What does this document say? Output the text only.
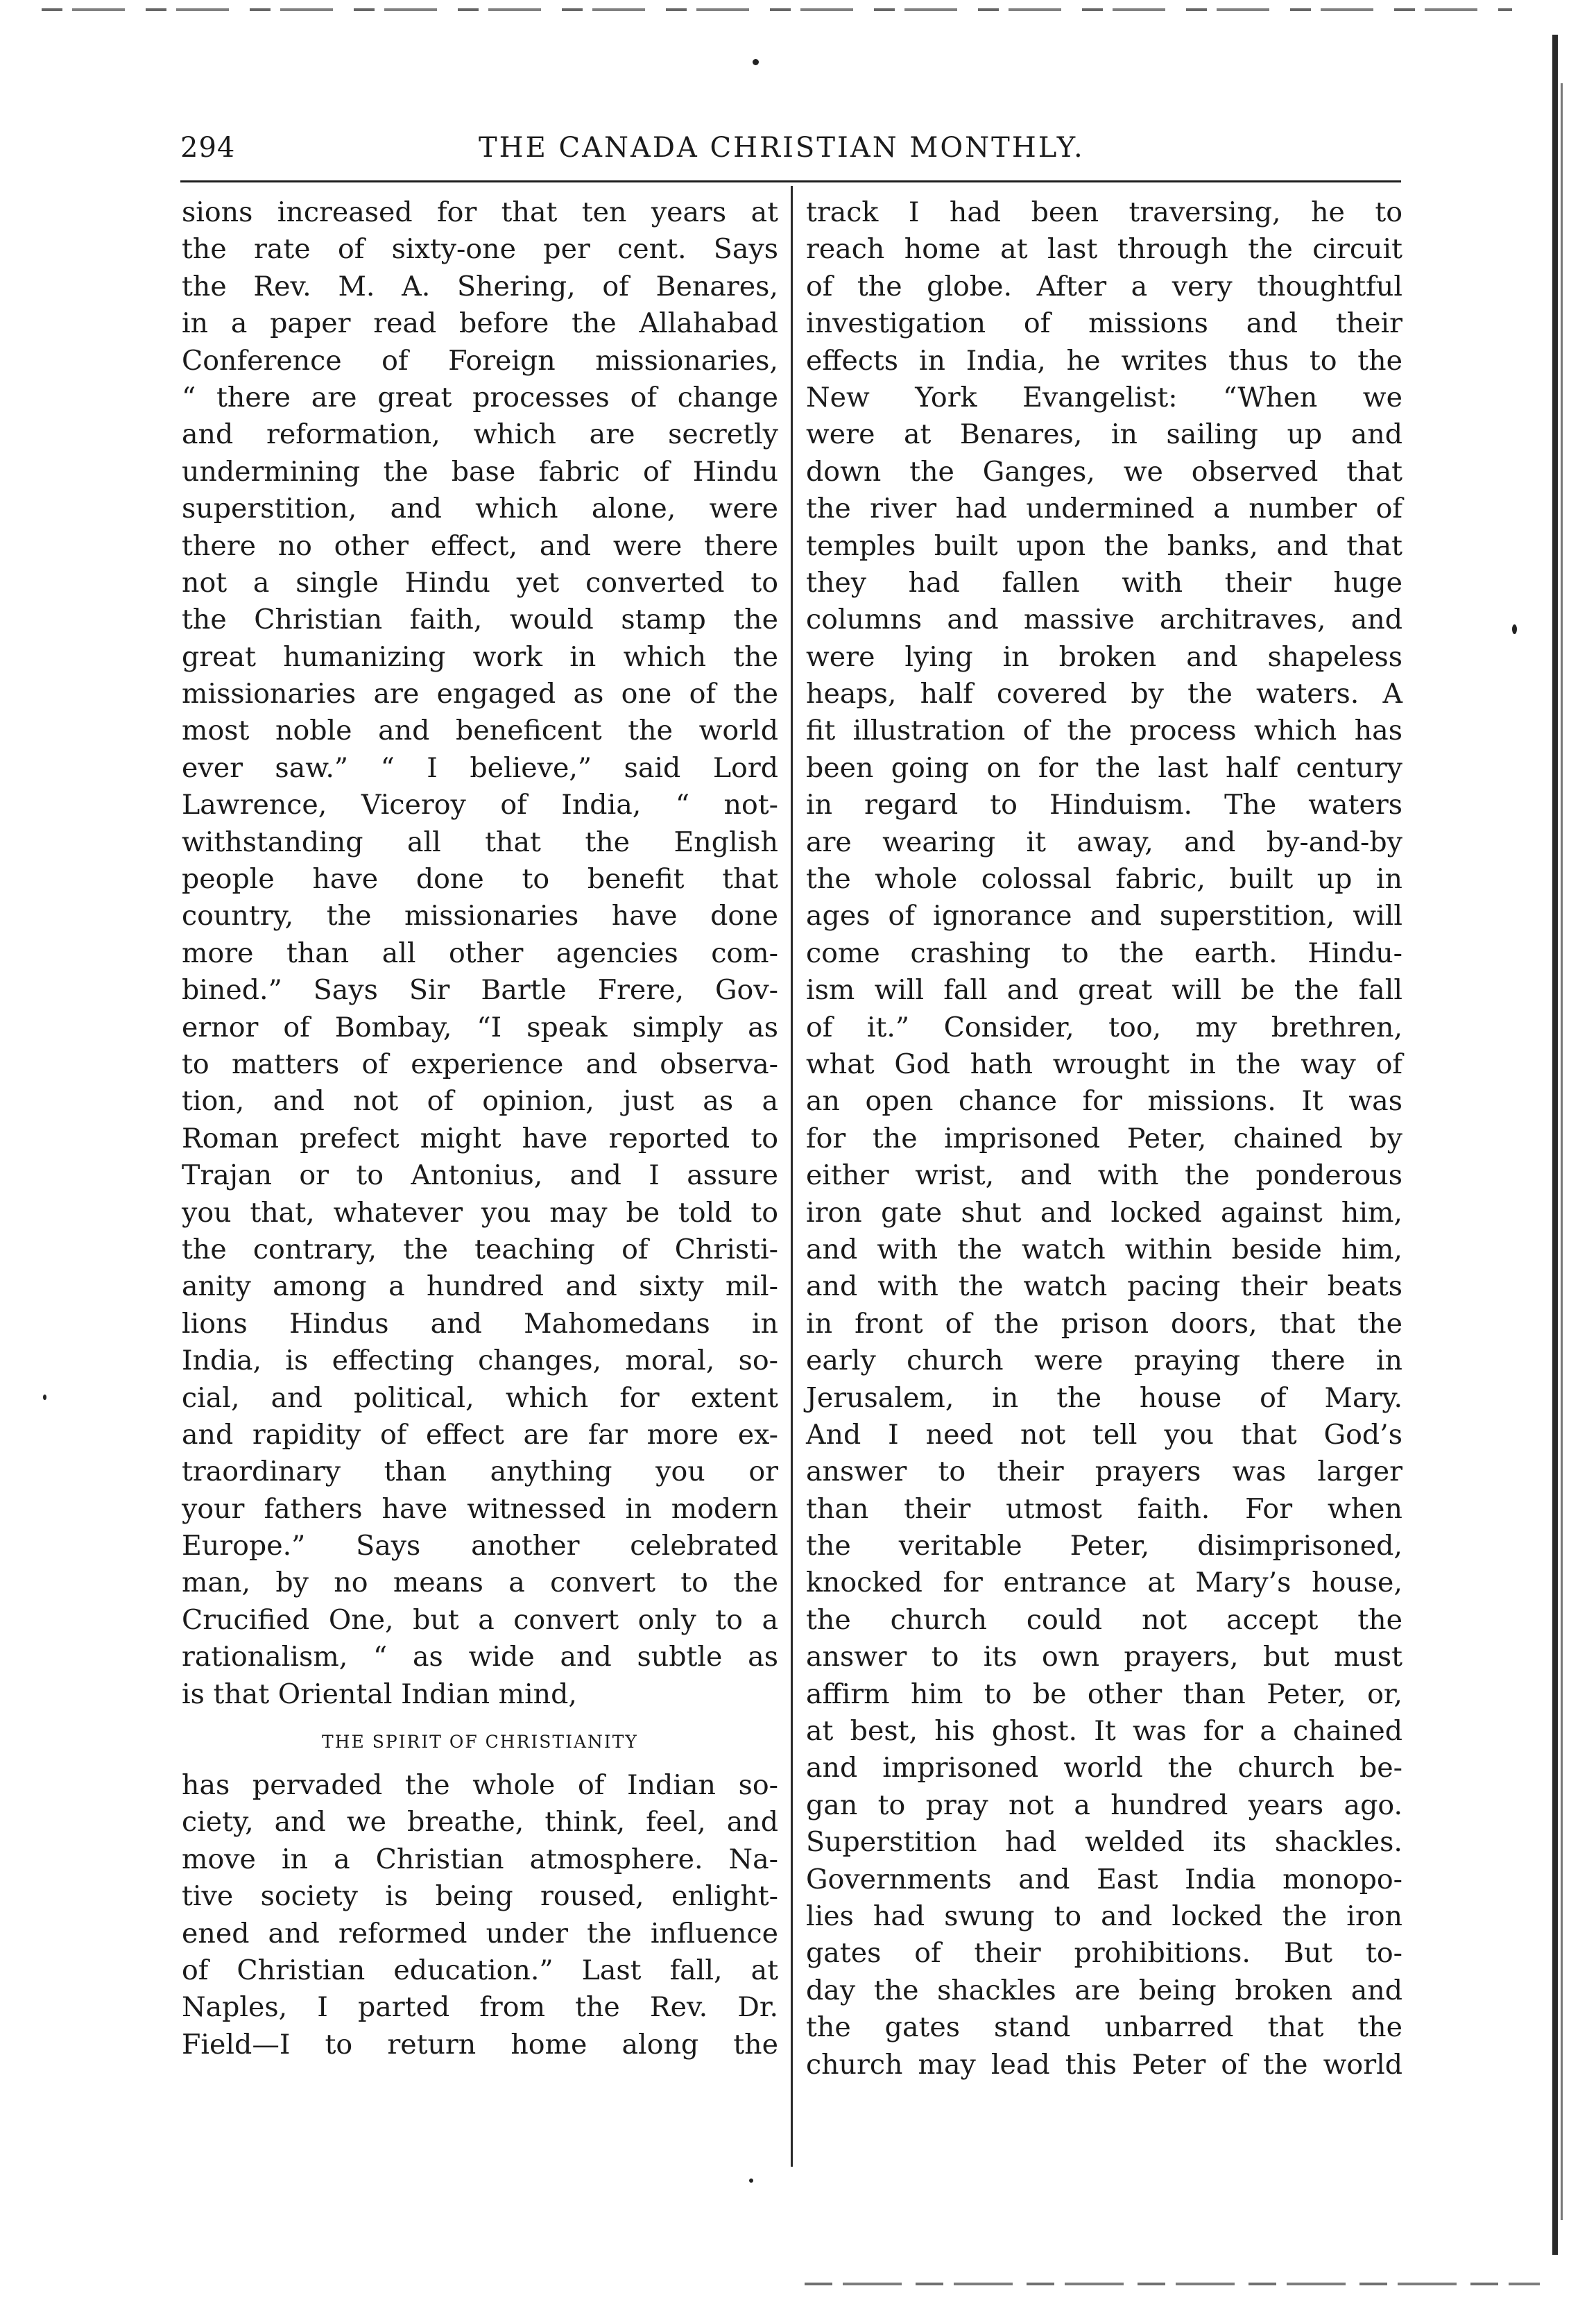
294	THE CANADA CHRISTIAN MONTHLY.
sions increased for that ten years at
the rate of sixty-one per cent. Says
the Rev. M. A. Shering, of Benares,
in a paper read before the Allahabad
Conference of Foreign missionaries,
“ there are great processes of change
and reformation, which are secretly
undermining the base fabric of Hindu
superstition, and which alone, were
there no other effect, and were there
not a single Hindu yet converted to
the Christian faith, would stamp the
great humanizing work in which the
missionaries are engaged as one of the
most noble and beneficent the world
ever saw.” “ I believe,” said Lord
Lawrence, Viceroy of India, “ not-
withstanding all that the English
people have done to benefit that
country, the missionaries have done
more than all other agencies com-
bined.” Says Sir Bartle Frere, Gov-
ernor of Bombay, “I speak simply as
to matters of experience and observa-
tion, and not of opinion, just as a
Roman prefect might have reported to
Trajan or to Antonius, and I assure
you that, whatever you may be told to
the contrary, the teaching of Christi-
anity among a hundred and sixty mil-
lions Hindus and Mahomedans in
India, is effecting changes, moral, so-
cial, and political, which for extent
and rapidity of effect are far more ex-
traordinary than anything you or
your fathers have witnessed in modern
Europe.” Says another celebrated
man, by no means a convert to the
Crucified One, but a convert only to a
rationalism, “ as wide and subtle as
is that Oriental Indian mind,
THE SPIRIT OF CHRISTIANITY
has pervaded the whole of Indian so-
ciety, and we breathe, think, feel, and
move in a Christian atmosphere. Na-
tive society is being roused, enlight-
ened and reformed under the influence
of Christian education.” Last fall, at
Naples, I parted from the Rev. Dr.
Field—I to return home along the
track I had been traversing, he to
reach home at last through the circuit
of the globe. After a very thoughtful
investigation of missions and their
effects in India, he writes thus to the
New York Evangelist: “When we
were at Benares, in sailing up and
down the Ganges, we observed that
the river had undermined a number of
temples built upon the banks, and that
they had fallen with their huge
columns and massive architraves, and
were lying in broken and shapeless
heaps, half covered by the waters. A
fit illustration of the process which has
been going on for the last half century
in regard to Hinduism. The waters
are wearing it away, and by-and-by
the whole colossal fabric, built up in
ages of ignorance and superstition, will
come crashing to the earth. Hindu-
ism will fall and great will be the fall
of it.” Consider, too, my brethren,
what God hath wrought in the way of
an open chance for missions. It was
for the imprisoned Peter, chained by
either wrist, and with the ponderous
iron gate shut and locked against him,
and with the watch within beside him,
and with the watch pacing their beats
in front of the prison doors, that the
early church were praying there in
Jerusalem, in the house of Mary.
And I need not tell you that God’s
answer to their prayers was larger
than their utmost faith. For when
the veritable Peter, disimprisoned,
knocked for entrance at Mary’s house,
the church could not accept the
answer to its own prayers, but must
affirm him to be other than Peter, or,
at best, his ghost. It was for a chained
and imprisoned world the church be-
gan to pray not a hundred years ago.
Superstition had welded its shackles.
Governments and East India monopo-
lies had swung to and locked the iron
gates of their prohibitions. But to-
day the shackles are being broken and
the gates stand unbarred that the
church may lead this Peter of the world
